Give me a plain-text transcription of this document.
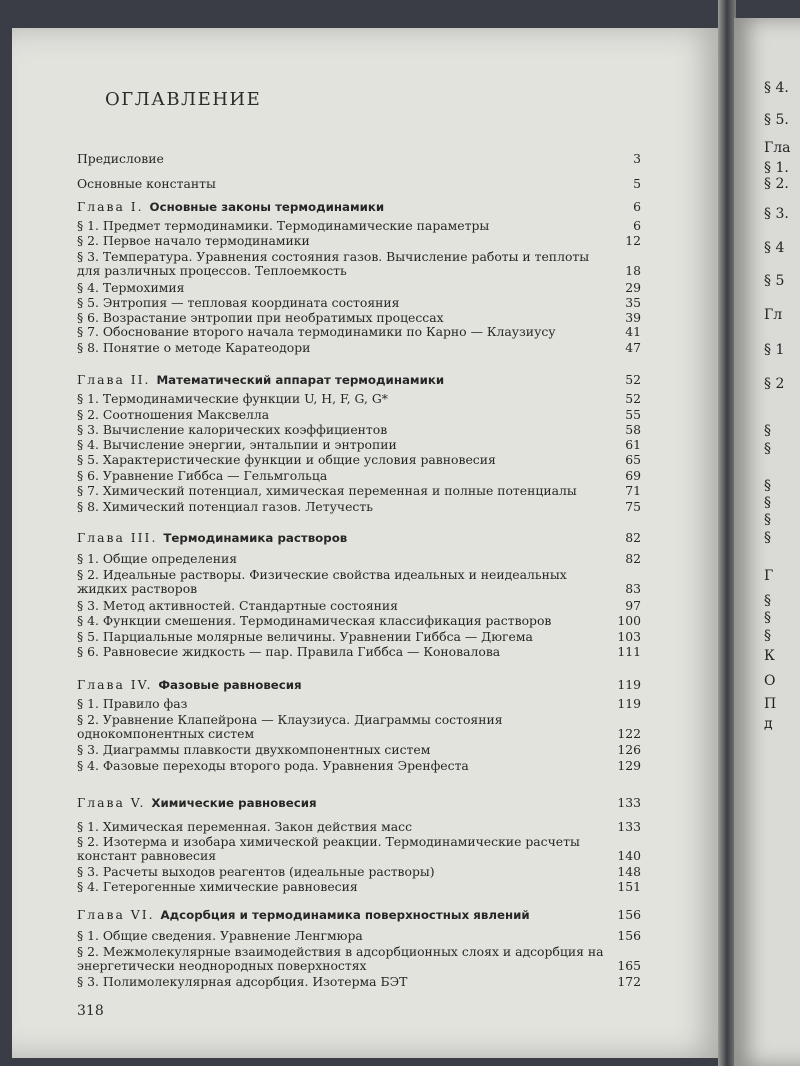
§ 4.
§ 5.
Гла
§ 1.
§ 2.
§ 3.
§ 4
§ 5
Гл
§ 1
§ 2
§
§
§
§
§
§
Г
§
§
§
К
О
П
д
ОГЛАВЛЕНИЕ
Предисловие	3
Основные константы	5
Глава I. Основные законы термодинамики	6
§ 1. Предмет термодинамики. Термодинамические параметры	6
§ 2. Первое начало термодинамики	12
§ 3. Температура. Уравнения состояния газов. Вычисление работы и теплоты для различных процессов. Теплоемкость	18
§ 4. Термохимия	29
§ 5. Энтропия — тепловая координата состояния	35
§ 6. Возрастание энтропии при необратимых процессах	39
§ 7. Обоснование второго начала термодинамики по Карно — Клаузиусу	41
§ 8. Понятие о методе Каратеодори	47
Глава II. Математический аппарат термодинамики	52
§ 1. Термодинамические функции U, H, F, G, G*	52
§ 2. Соотношения Максвелла	55
§ 3. Вычисление калорических коэффициентов	58
§ 4. Вычисление энергии, энтальпии и энтропии	61
§ 5. Характеристические функции и общие условия равновесия	65
§ 6. Уравнение Гиббса — Гельмгольца	69
§ 7. Химический потенциал, химическая переменная и полные потенциалы	71
§ 8. Химический потенциал газов. Летучесть	75
Глава III. Термодинамика растворов	82
§ 1. Общие определения	82
§ 2. Идеальные растворы. Физические свойства идеальных и неидеальных жидких растворов	83
§ 3. Метод активностей. Стандартные состояния	97
§ 4. Функции смешения. Термодинамическая классификация растворов	100
§ 5. Парциальные молярные величины. Уравнении Гиббса — Дюгема	103
§ 6. Равновесие жидкость — пар. Правила Гиббса — Коновалова	111
Глава IV. Фазовые равновесия	119
§ 1. Правило фаз	119
§ 2. Уравнение Клапейрона — Клаузиуса. Диаграммы состояния однокомпонентных систем	122
§ 3. Диаграммы плавкости двухкомпонентных систем	126
§ 4. Фазовые переходы второго рода. Уравнения Эренфеста	129
Глава V. Химические равновесия	133
§ 1. Химическая переменная. Закон действия масс	133
§ 2. Изотерма и изобара химической реакции. Термодинамические расчеты констант равновесия	140
§ 3. Расчеты выходов реагентов (идеальные растворы)	148
§ 4. Гетерогенные химические равновесия	151
Глава VI. Адсорбция и термодинамика поверхностных явлений	156
§ 1. Общие сведения. Уравнение Ленгмюра	156
§ 2. Межмолекулярные взаимодействия в адсорбционных слоях и адсорбция на энергетически неоднородных поверхностях	165
§ 3. Полимолекулярная адсорбция. Изотерма БЭТ	172
318
